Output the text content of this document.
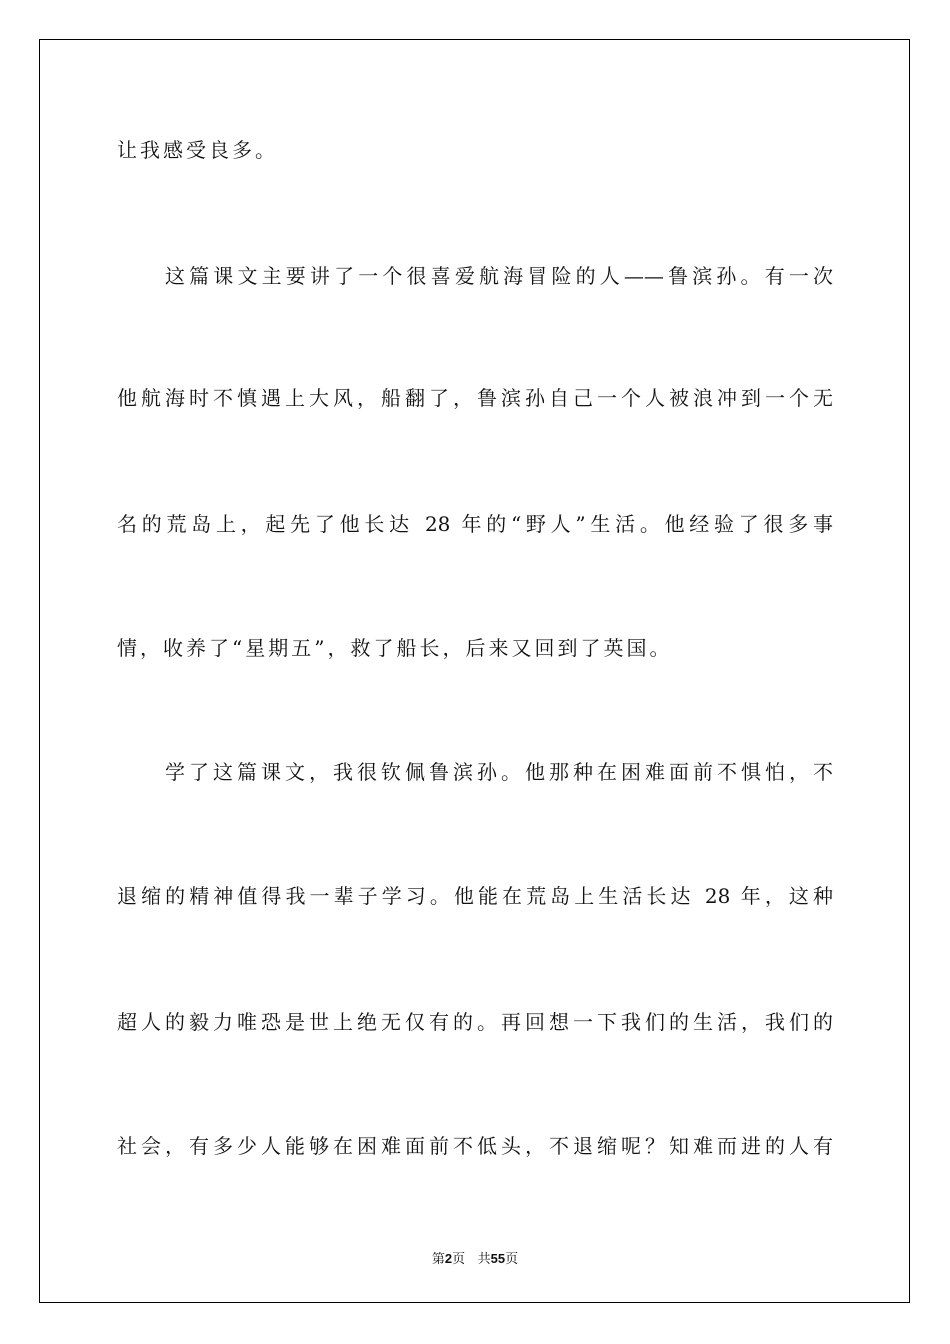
让我感受良多。
这篇课文主要讲了一个很喜爱航海冒险的人——鲁滨孙。有一次
他航海时不慎遇上大风，船翻了，鲁滨孙自己一个人被浪冲到一个无
名的荒岛上，起先了他长达 28 年的“野人”生活。他经验了很多事
情，收养了“星期五”，救了船长，后来又回到了英国。
学了这篇课文，我很钦佩鲁滨孙。他那种在困难面前不惧怕，不
退缩的精神值得我一辈子学习。他能在荒岛上生活长达 28 年，这种
超人的毅力唯恐是世上绝无仅有的。再回想一下我们的生活，我们的
社会，有多少人能够在困难面前不低头，不退缩呢？知难而进的人有
第2页 共55页
